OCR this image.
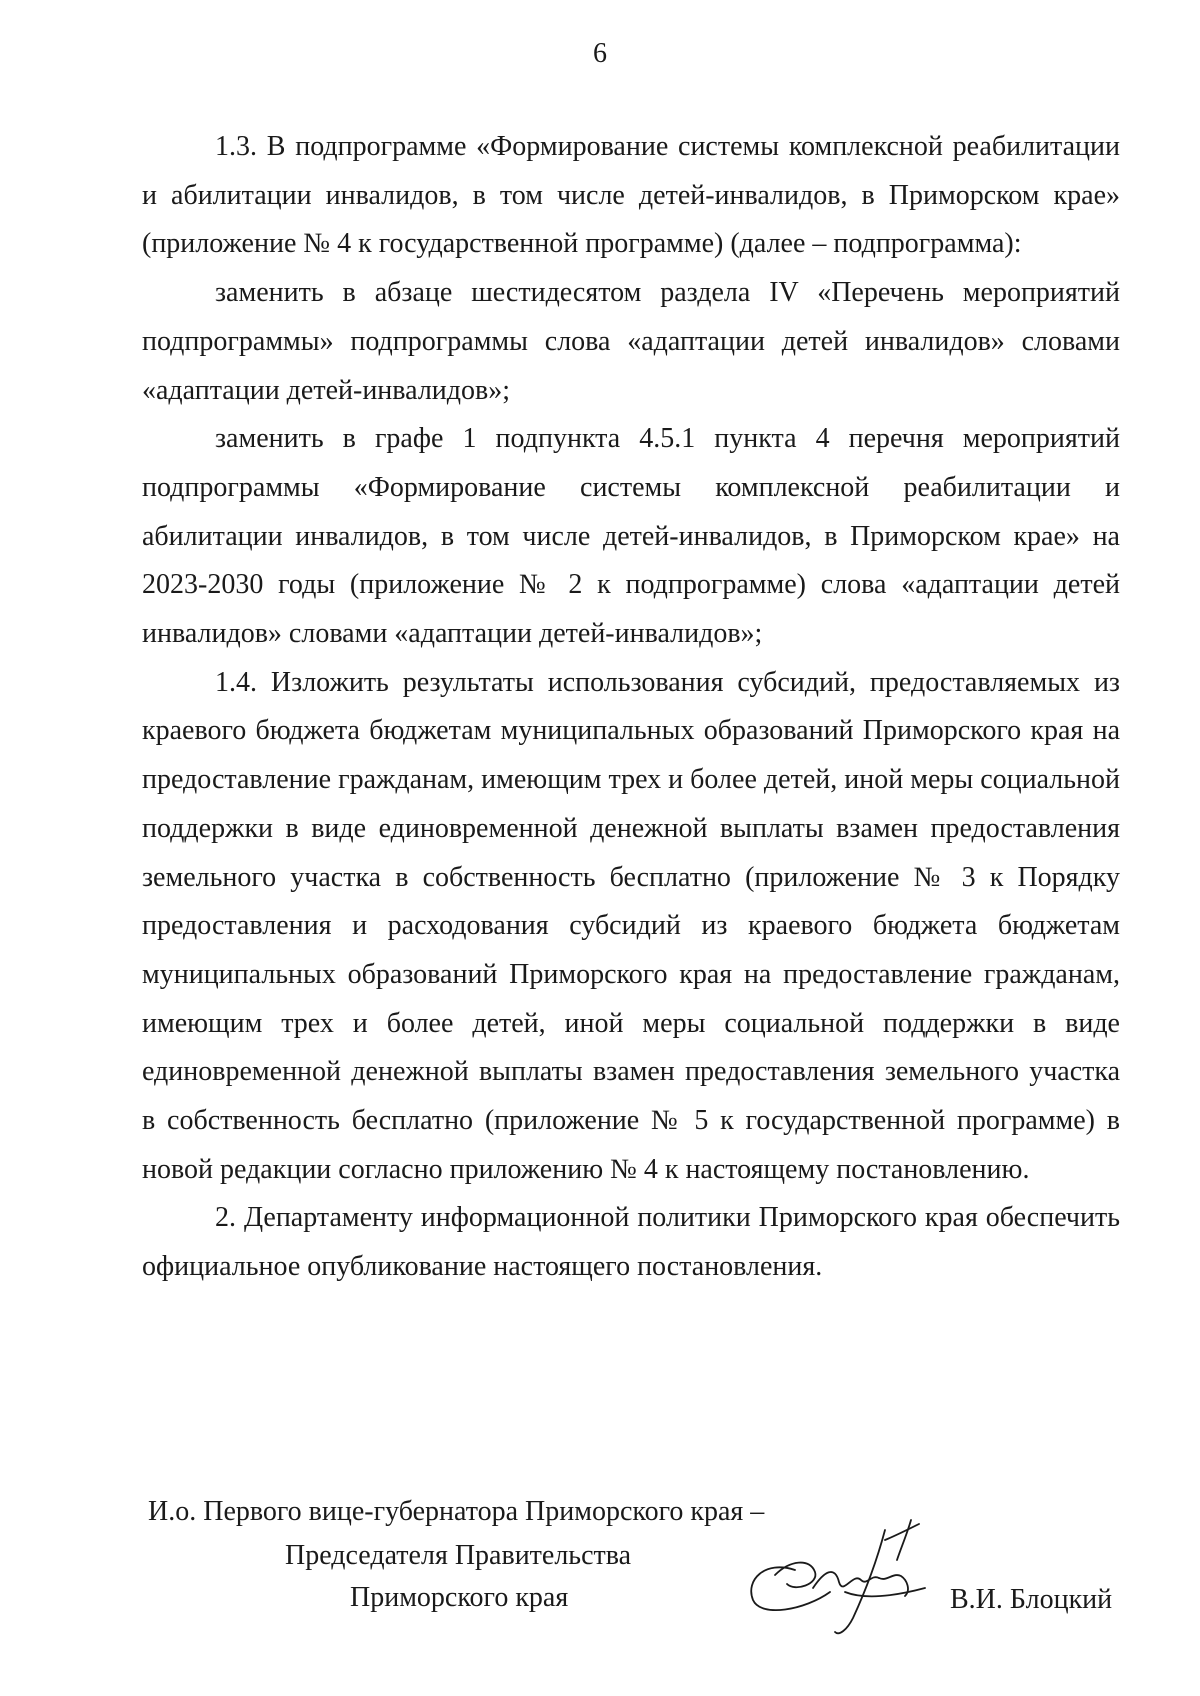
6

1.3. В подпрограмме «Формирование системы комплексной реабилитации и абилитации инвалидов, в том числе детей-инвалидов, в Приморском крае» (приложение № 4 к государственной программе) (далее – подпрограмма):

заменить в абзаце шестидесятом раздела IV «Перечень мероприятий подпрограммы» подпрограммы слова «адаптации детей инвалидов» словами «адаптации детей-инвалидов»;

заменить в графе 1 подпункта 4.5.1 пункта 4 перечня мероприятий подпрограммы «Формирование системы комплексной реабилитации и абилитации инвалидов, в том числе детей-инвалидов, в Приморском крае» на 2023-2030 годы (приложение № 2 к подпрограмме) слова «адаптации детей инвалидов» словами «адаптации детей-инвалидов»;

1.4. Изложить результаты использования субсидий, предоставляемых из краевого бюджета бюджетам муниципальных образований Приморского края на предоставление гражданам, имеющим трех и более детей, иной меры социальной поддержки в виде единовременной денежной выплаты взамен предоставления земельного участка в собственность бесплатно (приложение № 3 к Порядку предоставления и расходования субсидий из краевого бюджета бюджетам муниципальных образований Приморского края на предоставление гражданам, имеющим трех и более детей, иной меры социальной поддержки в виде единовременной денежной выплаты взамен предоставления земельного участка в собственность бесплатно (приложение № 5 к государственной программе) в новой редакции согласно приложению № 4 к настоящему постановлению.

2. Департаменту информационной политики Приморского края обеспечить официальное опубликование настоящего постановления.

И.о. Первого вице-губернатора Приморского края –
Председателя Правительства
Приморского края	В.И. Блоцкий
